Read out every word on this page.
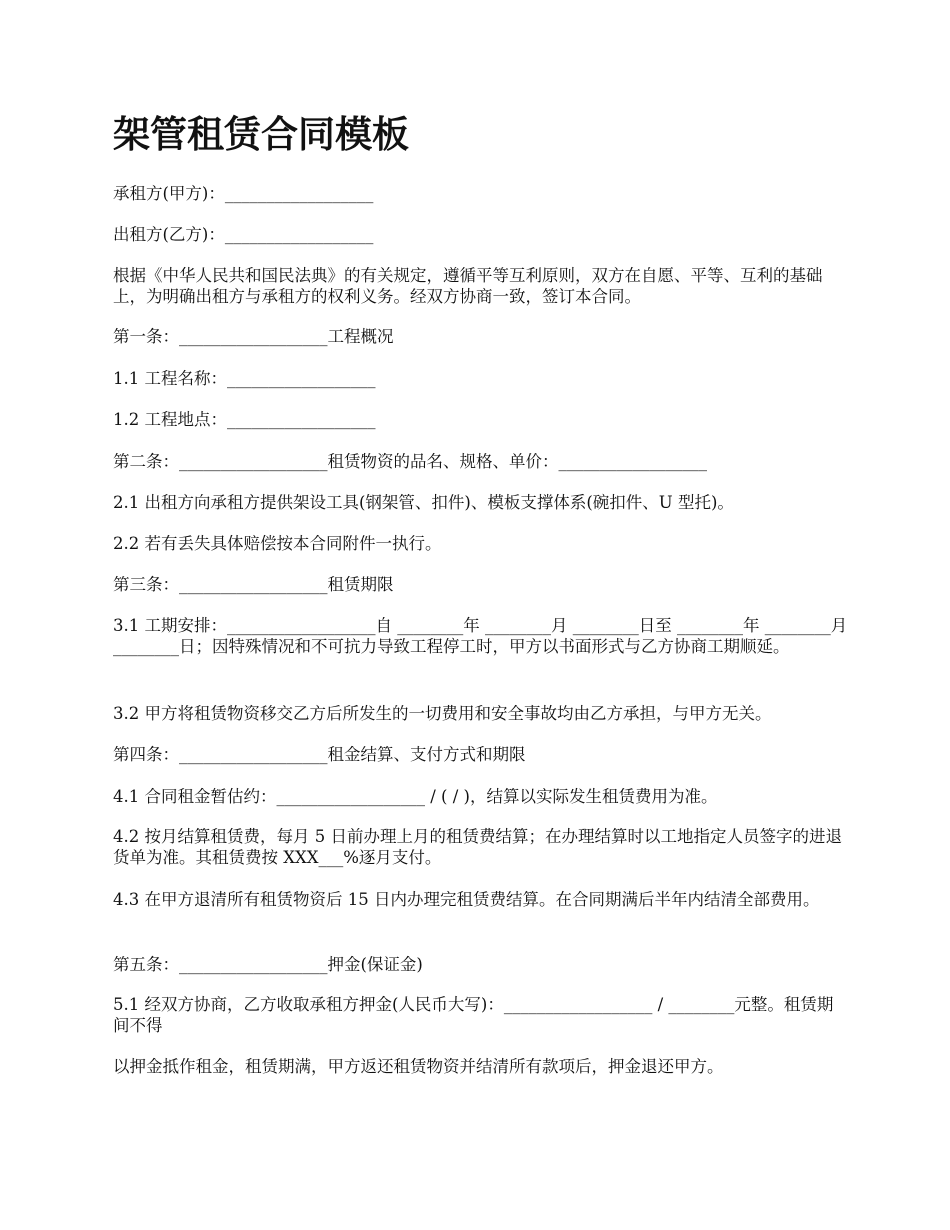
架管租赁合同模板

承租方(甲方)：__________________

出租方(乙方)：__________________

根据《中华人民共和国民法典》的有关规定，遵循平等互利原则，双方在自愿、平等、互利的基础上，为明确出租方与承租方的权利义务。经双方协商一致，签订本合同。

第一条：__________________工程概况

1.1 工程名称：__________________

1.2 工程地点：__________________

第二条：__________________租赁物资的品名、规格、单价：__________________

2.1 出租方向承租方提供架设工具(钢架管、扣件)、模板支撑体系(碗扣件、U 型托)。

2.2 若有丢失具体赔偿按本合同附件一执行。

第三条：__________________租赁期限

3.1 工期安排：__________________自 ________年 ________月 ________日至 ________年 ________月 ________日；因特殊情况和不可抗力导致工程停工时，甲方以书面形式与乙方协商工期顺延。

3.2 甲方将租赁物资移交乙方后所发生的一切费用和安全事故均由乙方承担，与甲方无关。

第四条：__________________租金结算、支付方式和期限

4.1 合同租金暂估约：__________________ / ( / )，结算以实际发生租赁费用为准。

4.2 按月结算租赁费，每月 5 日前办理上月的租赁费结算；在办理结算时以工地指定人员签字的进退货单为准。其租赁费按 XXX___%逐月支付。

4.3 在甲方退清所有租赁物资后 15 日内办理完租赁费结算。在合同期满后半年内结清全部费用。

第五条：__________________押金(保证金)

5.1 经双方协商，乙方收取承租方押金(人民币大写)：__________________ / ________元整。租赁期间不得

以押金抵作租金，租赁期满，甲方返还租赁物资并结清所有款项后，押金退还甲方。
